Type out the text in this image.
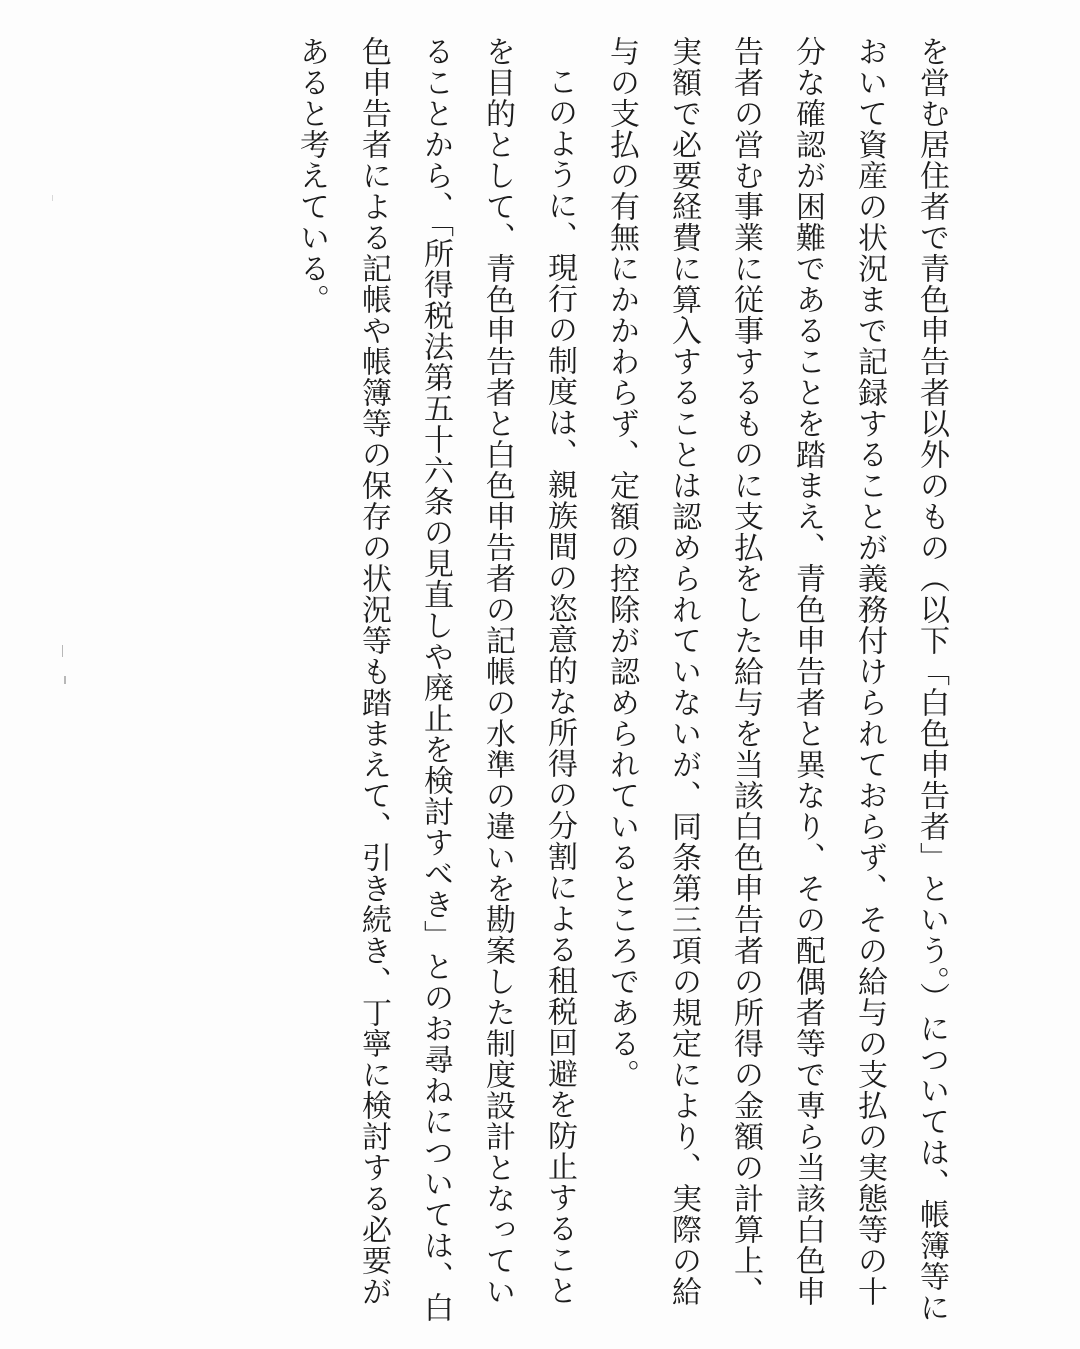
を営む居住者で青色申告者以外のもの（以下「白色申告者」という。）については、帳簿等において資産の状況まで記録することが義務付けられておらず、その給与の支払の実態等の十分な確認が困難であることを踏まえ、青色申告者と異なり、その配偶者等で専ら当該白色申告者の営む事業に従事するものに支払をした給与を当該白色申告者の所得の金額の計算上、実額で必要経費に算入することは認められていないが、同条第三項の規定により、実際の給与の支払の有無にかかわらず、定額の控除が認められているところである。

このように、現行の制度は、親族間の恣意的な所得の分割による租税回避を防止することを目的として、青色申告者と白色申告者の記帳の水準の違いを勘案した制度設計となっていることから、「所得税法第五十六条の見直しや廃止を検討すべき」とのお尋ねについては、白色申告者による記帳や帳簿等の保存の状況等も踏まえて、引き続き、丁寧に検討する必要があると考えている。
